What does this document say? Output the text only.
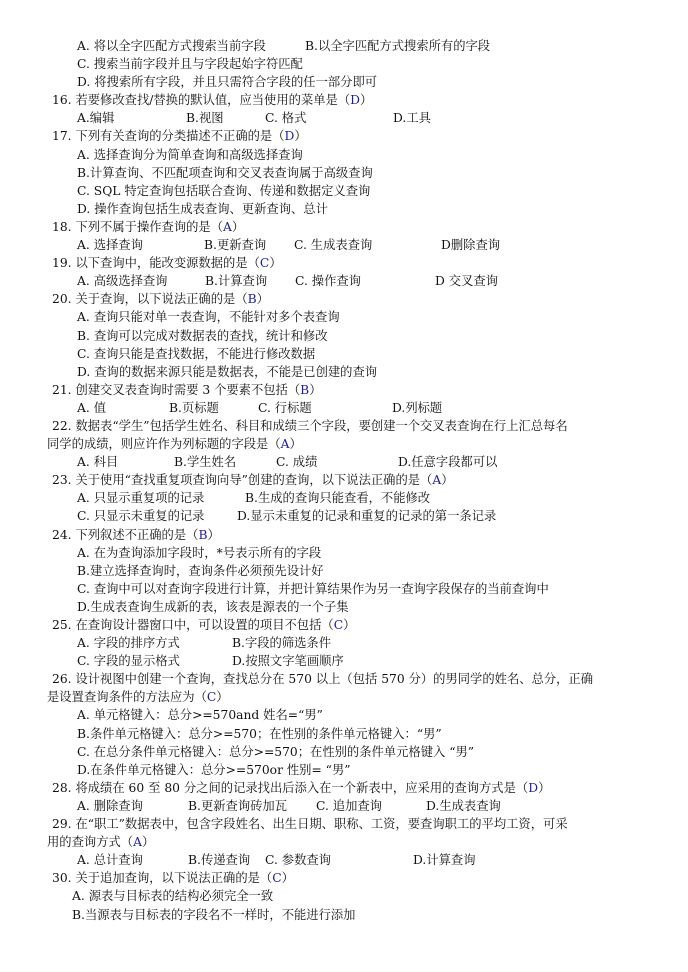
A. 将以全字匹配方式搜索当前字段	B.以全字匹配方式搜索所有的字段
C. 搜索当前字段并且与字段起始字符匹配
D. 将搜索所有字段，并且只需符合字段的任一部分即可
16. 若要修改查找/替换的默认值，应当使用的菜单是（D）
A.编辑	B.视图	C. 格式	D.工具
17. 下列有关查询的分类描述不正确的是（D）
A. 选择查询分为简单查询和高级选择查询
B.计算查询、不匹配项查询和交叉表查询属于高级查询
C. SQL 特定查询包括联合查询、传递和数据定义查询
D. 操作查询包括生成表查询、更新查询、总计
18. 下列不属于操作查询的是（A）
A. 选择查询	B.更新查询 C. 生成表查询	D删除查询
19. 以下查询中，能改变源数据的是（C）
A. 高级选择查询	B.计算查询 C. 操作查询	D 交叉查询
20. 关于查询，以下说法正确的是（B）
A. 查询只能对单一表查询，不能针对多个表查询
B. 查询可以完成对数据表的查找，统计和修改
C. 查询只能是查找数据，不能进行修改数据
D. 查询的数据来源只能是数据表，不能是已创建的查询
21. 创建交叉表查询时需要 3 个要素不包括（B）
A. 值	B.页标题	C. 行标题	D.列标题
22. 数据表“学生”包括学生姓名、科目和成绩三个字段，要创建一个交叉表查询在行上汇总每名
同学的成绩，则应许作为列标题的字段是（A）
A. 科目	B.学生姓名	C. 成绩	D.任意字段都可以
23. 关于使用“查找重复项查询向导”创建的查询，以下说法正确的是（A）
A. 只显示重复项的记录	B.生成的查询只能查看，不能修改
C. 只显示未重复的记录	D.显示未重复的记录和重复的记录的第一条记录
24. 下列叙述不正确的是（B）
A. 在为查询添加字段时，*号表示所有的字段
B.建立选择查询时，查询条件必须预先设计好
C. 查询中可以对查询字段进行计算，并把计算结果作为另一查询字段保存的当前查询中
D.生成表查询生成新的表，该表是源表的一个子集
25. 在查询设计器窗口中，可以设置的项目不包括（C）
A. 字段的排序方式	B.字段的筛选条件
C. 字段的显示格式	D.按照文字笔画顺序
26. 设计视图中创建一个查询，查找总分在 570 以上（包括 570 分）的男同学的姓名、总分，正确
是设置查询条件的方法应为（C）
A. 单元格键入：总分>=570and 姓名=“男”
B.条件单元格键入：总分>=570；在性别的条件单元格键入：“男”
C. 在总分条件单元格键入：总分>=570；在性别的条件单元格键入 “男”
D.在条件单元格键入：总分>=570or 性别= “男”
28. 将成绩在 60 至 80 分之间的记录找出后添入在一个新表中，应采用的查询方式是（D）
A. 删除查询	B.更新查询砖加瓦 C. 追加查询	D.生成表查询
29. 在“职工”数据表中，包含字段姓名、出生日期、职称、工资，要查询职工的平均工资，可采
用的查询方式（A）
A. 总计查询	B.传递查询 C. 参数查询	D.计算查询
30. 关于追加查询，以下说法正确的是（C）
A. 源表与目标表的结构必须完全一致
B.当源表与目标表的字段名不一样时，不能进行添加
